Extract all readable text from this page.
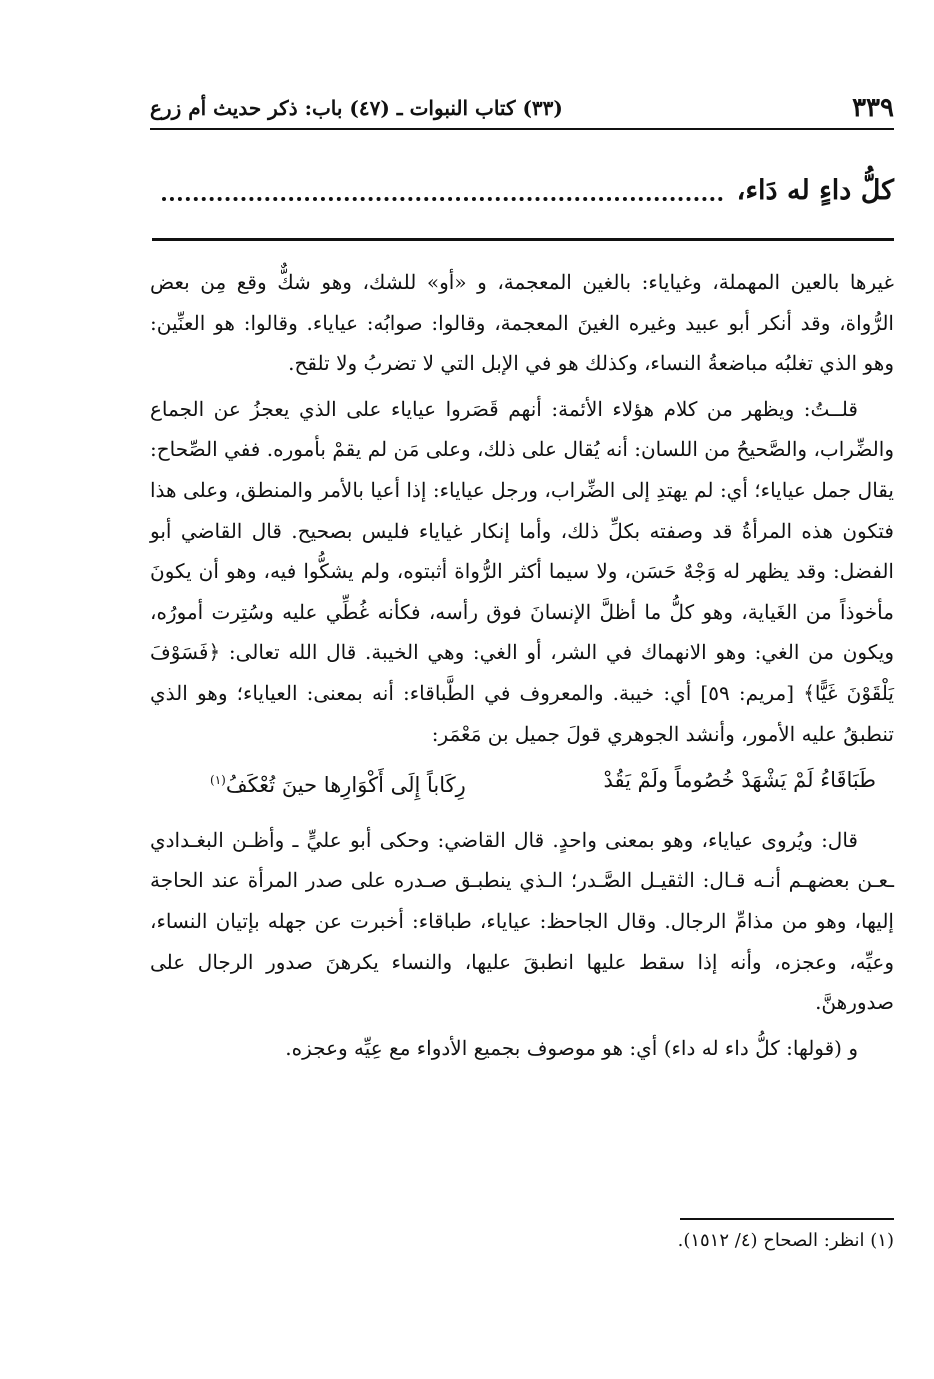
(٣٣) كتاب النبوات ـ (٤٧) باب: ذكر حديث أم زرع	٣٣٩
كلُّ داءٍ له دَاء،

غيرها بالعين المهملة، وغياياء: بالغين المعجمة، و «أو» للشك، وهو شكٌّ وقع مِن بعض الرُّواة، وقد أنكر أبو عبيد وغيره الغينَ المعجمة، وقالوا: صوابُه: عياياء. وقالوا: هو العنِّين: وهو الذي تغلبُه مباضعةُ النساء، وكذلك هو في الإبل التي لا تضربُ ولا تلقح.

قلــتُ: ويظهر من كلام هؤلاء الأئمة: أنهم قَصَروا عياياء على الذي يعجزُ عن الجماع والضِّراب، والصَّحيحُ من اللسان: أنه يُقال على ذلك، وعلى مَن لم يقمْ بأموره. ففي الصِّحاح: يقال جمل عياياء؛ أي: لم يهتدِ إلى الضِّراب، ورجل عياياء: إذا أعيا بالأمر والمنطق، وعلى هذا فتكون هذه المرأةُ قد وصفته بكلِّ ذلك، وأما إنكار غياياء فليس بصحيح. قال القاضي أبو الفضل: وقد يظهر له وَجْهٌ حَسَن، ولا سيما أكثر الرُّواة أثبتوه، ولم يشكُّوا فيه، وهو أن يكونَ مأخوذاً من الغَياية، وهو كلُّ ما أظلَّ الإنسانَ فوق رأسه، فكأنه غُطِّي عليه وسُتِرت أمورُه، ويكون من الغي: وهو الانهماك في الشر، أو الغي: وهي الخيبة. قال الله تعالى: ﴿فَسَوْفَ يَلْقَوْنَ غَيًّا﴾ [مريم: ٥٩] أي: خيبة. والمعروف في الطَّباقاء: أنه بمعنى: العياياء؛ وهو الذي تنطبقُ عليه الأمور، وأنشد الجوهري قولَ جميل بن مَعْمَر:

طَبَاقَاءُ لَمْ يَشْهَدْ خُصُوماً ولَمْ يَقُدْ
رِكَاباً إِلَى أَكْوَارِها حينَ تُعْكَفُ$^{(١)}$

قال: ويُروى عياياء، وهو بمعنى واحدٍ. قال القاضي: وحكى أبو عليٍّ ـ وأظـن البغـدادي ـعـن بعضهـم أنـه قـال: الثقيـل الصَّـدر؛ الـذي ينطبـق صـدره على صدر المرأة عند الحاجة إليها، وهو من مذامِّ الرجال. وقال الجاحظ: عياياء، طباقاء: أخبرت عن جهله بإتيان النساء، وعيِّه، وعجزه، وأنه إذا سقط عليها انطبقَ عليها، والنساء يكرهنَ صدور الرجال على صدورهنَّ.

و (قولها: كلُّ داء له داء) أي: هو موصوف بجميع الأدواء مع عِيِّه وعجزه.

(١) انظر: الصحاح (٤/ ١٥١٢).
